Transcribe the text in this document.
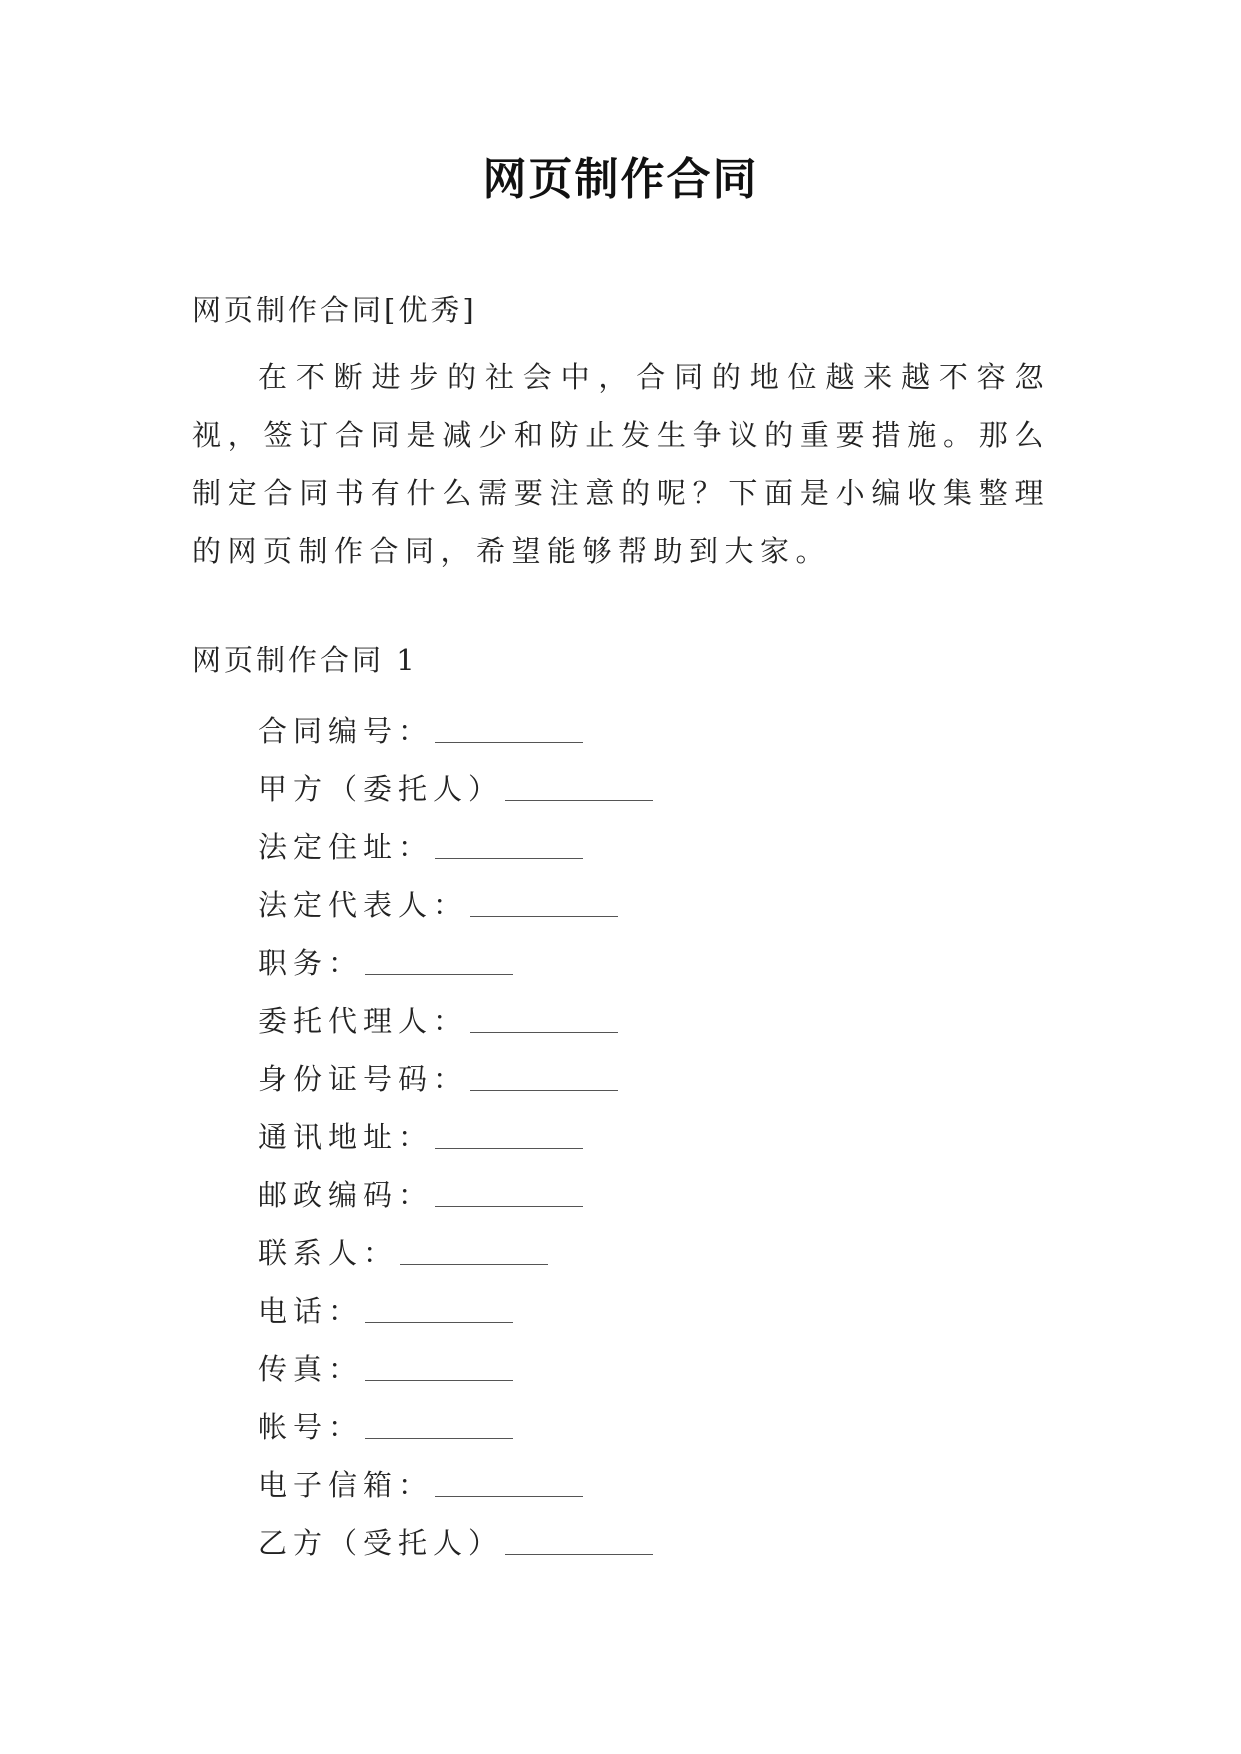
网页制作合同
网页制作合同[优秀]

在不断进步的社会中，合同的地位越来越不容忽视，签订合同是减少和防止发生争议的重要措施。那么制定合同书有什么需要注意的呢？下面是小编收集整理的网页制作合同，希望能够帮助到大家。

网页制作合同 1
合同编号：
甲方（委托人）
法定住址：
法定代表人：
职务：
委托代理人：
身份证号码：
通讯地址：
邮政编码：
联系人：
电话：
传真：
帐号：
电子信箱：
乙方（受托人）
